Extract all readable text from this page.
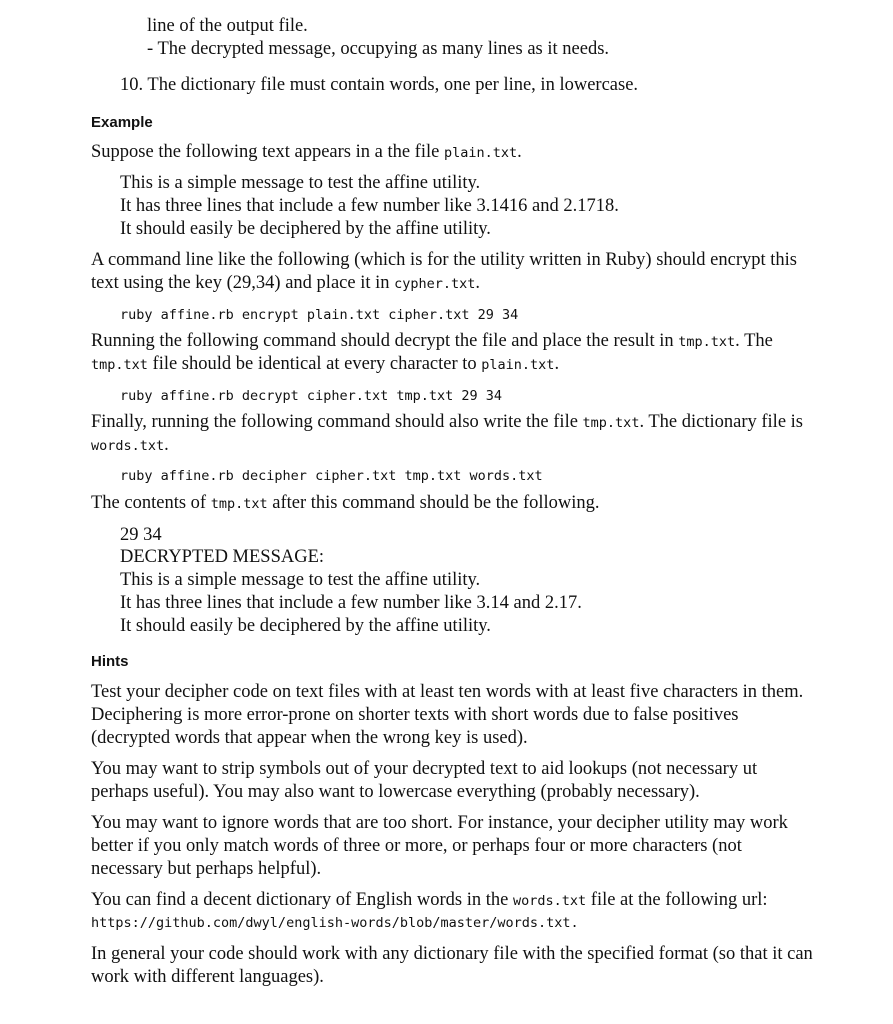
line of the output file.
- The decrypted message, occupying as many lines as it needs.
10. The dictionary file must contain words, one per line, in lowercase.
Example
Suppose the following text appears in a the file plain.txt.
This is a simple message to test the affine utility.
It has three lines that include a few number like 3.1416 and 2.1718.
It should easily be deciphered by the affine utility.
A command line like the following (which is for the utility written in Ruby) should encrypt this
text using the key (29,34) and place it in cypher.txt.
ruby affine.rb encrypt plain.txt cipher.txt 29 34
Running the following command should decrypt the file and place the result in tmp.txt. The
tmp.txt file should be identical at every character to plain.txt.
ruby affine.rb decrypt cipher.txt tmp.txt 29 34
Finally, running the following command should also write the file tmp.txt. The dictionary file is
words.txt.
ruby affine.rb decipher cipher.txt tmp.txt words.txt
The contents of tmp.txt after this command should be the following.
29 34
DECRYPTED MESSAGE:
This is a simple message to test the affine utility.
It has three lines that include a few number like 3.14 and 2.17.
It should easily be deciphered by the affine utility.
Hints
Test your decipher code on text files with at least ten words with at least five characters in them.
Deciphering is more error-prone on shorter texts with short words due to false positives
(decrypted words that appear when the wrong key is used).
You may want to strip symbols out of your decrypted text to aid lookups (not necessary ut
perhaps useful). You may also want to lowercase everything (probably necessary).
You may want to ignore words that are too short. For instance, your decipher utility may work
better if you only match words of three or more, or perhaps four or more characters (not
necessary but perhaps helpful).
You can find a decent dictionary of English words in the words.txt file at the following url:
https://github.com/dwyl/english-words/blob/master/words.txt.
In general your code should work with any dictionary file with the specified format (so that it can
work with different languages).
